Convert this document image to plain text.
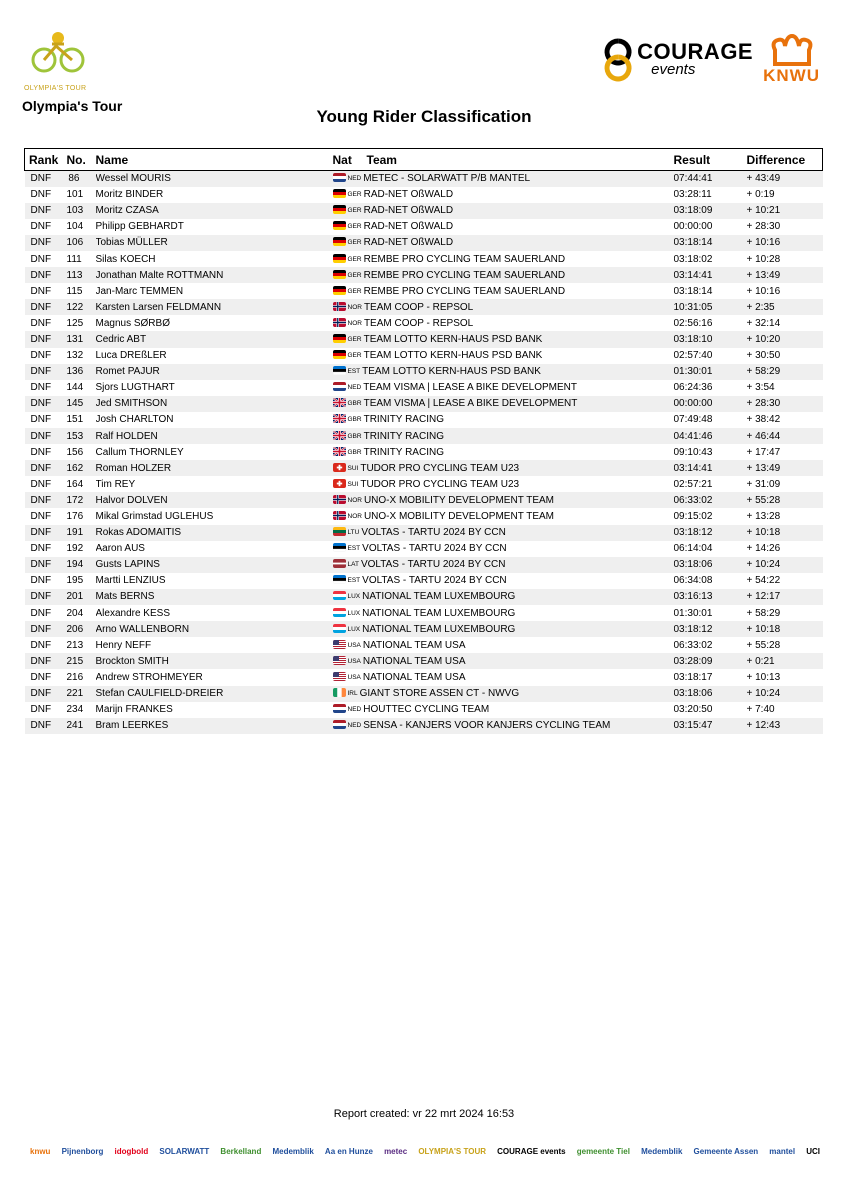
OLYMPIA'S TOUR
Olympia's Tour
COURAGE
events	KNWU
Young Rider Classification
Rank	No.	Name	Nat	Team	Result	Difference
DNF	86	Wessel MOURIS	NED METEC - SOLARWATT P/B MANTEL		07:44:41	+ 43:49
DNF	101	Moritz BINDER	GER RAD-NET OßWALD		03:28:11	+ 0:19
DNF	103	Moritz CZASA	GER RAD-NET OßWALD		03:18:09	+ 10:21
DNF	104	Philipp GEBHARDT	GER RAD-NET OßWALD		00:00:00	+ 28:30
DNF	106	Tobias MÜLLER	GER RAD-NET OßWALD		03:18:14	+ 10:16
DNF	111	Silas KOECH	GER REMBE PRO CYCLING TEAM SAUERLAND		03:18:02	+ 10:28
DNF	113	Jonathan Malte ROTTMANN	GER REMBE PRO CYCLING TEAM SAUERLAND		03:14:41	+ 13:49
DNF	115	Jan-Marc TEMMEN	GER REMBE PRO CYCLING TEAM SAUERLAND		03:18:14	+ 10:16
DNF	122	Karsten Larsen FELDMANN	NOR TEAM COOP - REPSOL		10:31:05	+ 2:35
DNF	125	Magnus SØRBØ	NOR TEAM COOP - REPSOL		02:56:16	+ 32:14
DNF	131	Cedric ABT	GER TEAM LOTTO KERN-HAUS PSD BANK		03:18:10	+ 10:20
DNF	132	Luca DREßLER	GER TEAM LOTTO KERN-HAUS PSD BANK		02:57:40	+ 30:50
DNF	136	Romet PAJUR	EST TEAM LOTTO KERN-HAUS PSD BANK		01:30:01	+ 58:29
DNF	144	Sjors LUGTHART	NED TEAM VISMA | LEASE A BIKE DEVELOPMENT		06:24:36	+ 3:54
DNF	145	Jed SMITHSON	GBR TEAM VISMA | LEASE A BIKE DEVELOPMENT		00:00:00	+ 28:30
DNF	151	Josh CHARLTON	GBR TRINITY RACING		07:49:48	+ 38:42
DNF	153	Ralf HOLDEN	GBR TRINITY RACING		04:41:46	+ 46:44
DNF	156	Callum THORNLEY	GBR TRINITY RACING		09:10:43	+ 17:47
DNF	162	Roman HOLZER	SUI TUDOR PRO CYCLING TEAM U23		03:14:41	+ 13:49
DNF	164	Tim REY	SUI TUDOR PRO CYCLING TEAM U23		02:57:21	+ 31:09
DNF	172	Halvor DOLVEN	NOR UNO-X MOBILITY DEVELOPMENT TEAM		06:33:02	+ 55:28
DNF	176	Mikal Grimstad UGLEHUS	NOR UNO-X MOBILITY DEVELOPMENT TEAM		09:15:02	+ 13:28
DNF	191	Rokas ADOMAITIS	LTU VOLTAS - TARTU 2024 BY CCN		03:18:12	+ 10:18
DNF	192	Aaron AUS	EST VOLTAS - TARTU 2024 BY CCN		06:14:04	+ 14:26
DNF	194	Gusts LAPINS	LAT VOLTAS - TARTU 2024 BY CCN		03:18:06	+ 10:24
DNF	195	Martti LENZIUS	EST VOLTAS - TARTU 2024 BY CCN		06:34:08	+ 54:22
DNF	201	Mats BERNS	LUX NATIONAL TEAM LUXEMBOURG		03:16:13	+ 12:17
DNF	204	Alexandre KESS	LUX NATIONAL TEAM LUXEMBOURG		01:30:01	+ 58:29
DNF	206	Arno WALLENBORN	LUX NATIONAL TEAM LUXEMBOURG		03:18:12	+ 10:18
DNF	213	Henry NEFF	USA NATIONAL TEAM USA		06:33:02	+ 55:28
DNF	215	Brockton SMITH	USA NATIONAL TEAM USA		03:28:09	+ 0:21
DNF	216	Andrew STROHMEYER	USA NATIONAL TEAM USA		03:18:17	+ 10:13
DNF	221	Stefan CAULFIELD-DREIER	IRL GIANT STORE ASSEN CT - NWVG		03:18:06	+ 10:24
DNF	234	Marijn FRANKES	NED HOUTTEC CYCLING TEAM		03:20:50	+ 7:40
DNF	241	Bram LEERKES	NED SENSA - KANJERS VOOR KANJERS CYCLING TEAM		03:15:47	+ 12:43
Report created: vr 22 mrt 2024 16:53
knwu Pijnenborg idogbold SOLARWATT Berkelland Medemblik Aa en Hunze metec OLYMPIA'S TOUR COURAGE events gemeente Tiel Medemblik Gemeente Assen mantel UCI
